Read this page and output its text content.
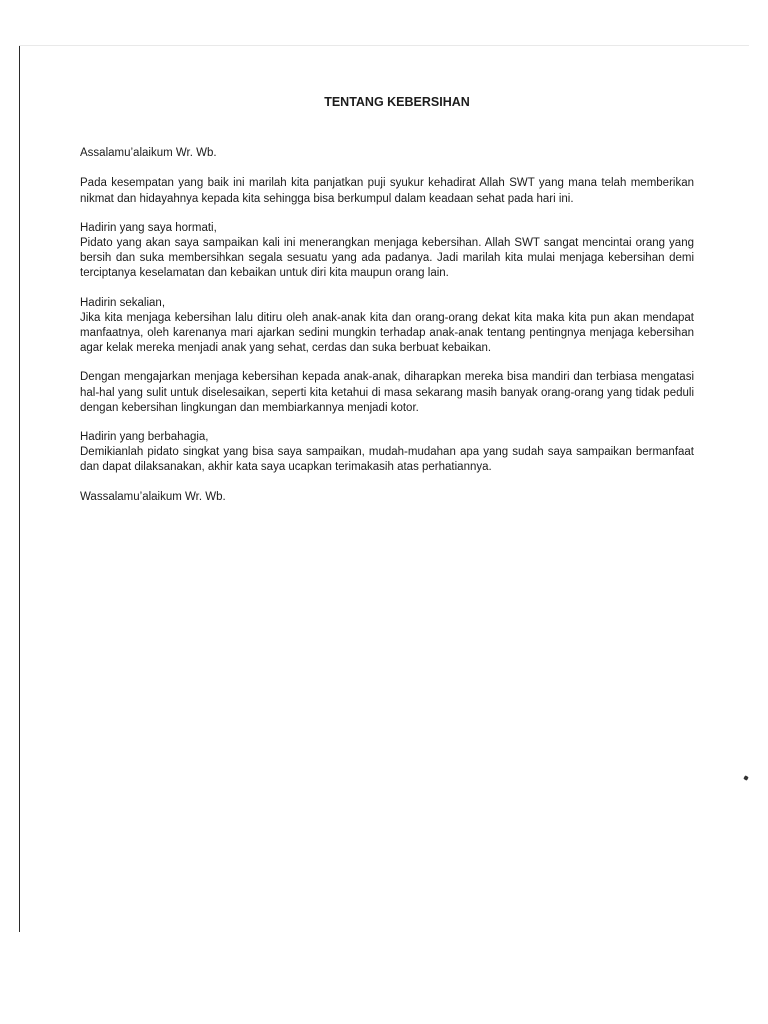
TENTANG KEBERSIHAN

Assalamu’alaikum Wr. Wb.

Pada kesempatan yang baik ini marilah kita panjatkan puji syukur kehadirat Allah SWT yang mana telah memberikan nikmat dan hidayahnya kepada kita sehingga bisa berkumpul dalam keadaan sehat pada hari ini.

Hadirin yang saya hormati,

Pidato yang akan saya sampaikan kali ini menerangkan menjaga kebersihan. Allah SWT sangat mencintai orang yang bersih dan suka membersihkan segala sesuatu yang ada padanya. Jadi marilah kita mulai menjaga kebersihan demi terciptanya keselamatan dan kebaikan untuk diri kita maupun orang lain.

Hadirin sekalian,

Jika kita menjaga kebersihan lalu ditiru oleh anak-anak kita dan orang-orang dekat kita maka kita pun akan mendapat manfaatnya, oleh karenanya mari ajarkan sedini mungkin terhadap anak-anak tentang pentingnya menjaga kebersihan agar kelak mereka menjadi anak yang sehat, cerdas dan suka berbuat kebaikan.

Dengan mengajarkan menjaga kebersihan kepada anak-anak, diharapkan mereka bisa mandiri dan terbiasa mengatasi hal-hal yang sulit untuk diselesaikan, seperti kita ketahui di masa sekarang masih banyak orang-orang yang tidak peduli dengan kebersihan lingkungan dan membiarkannya menjadi kotor.

Hadirin yang berbahagia,

Demikianlah pidato singkat yang bisa saya sampaikan, mudah-mudahan apa yang sudah saya sampaikan bermanfaat dan dapat dilaksanakan, akhir kata saya ucapkan terimakasih atas perhatiannya.

Wassalamu’alaikum Wr. Wb.
